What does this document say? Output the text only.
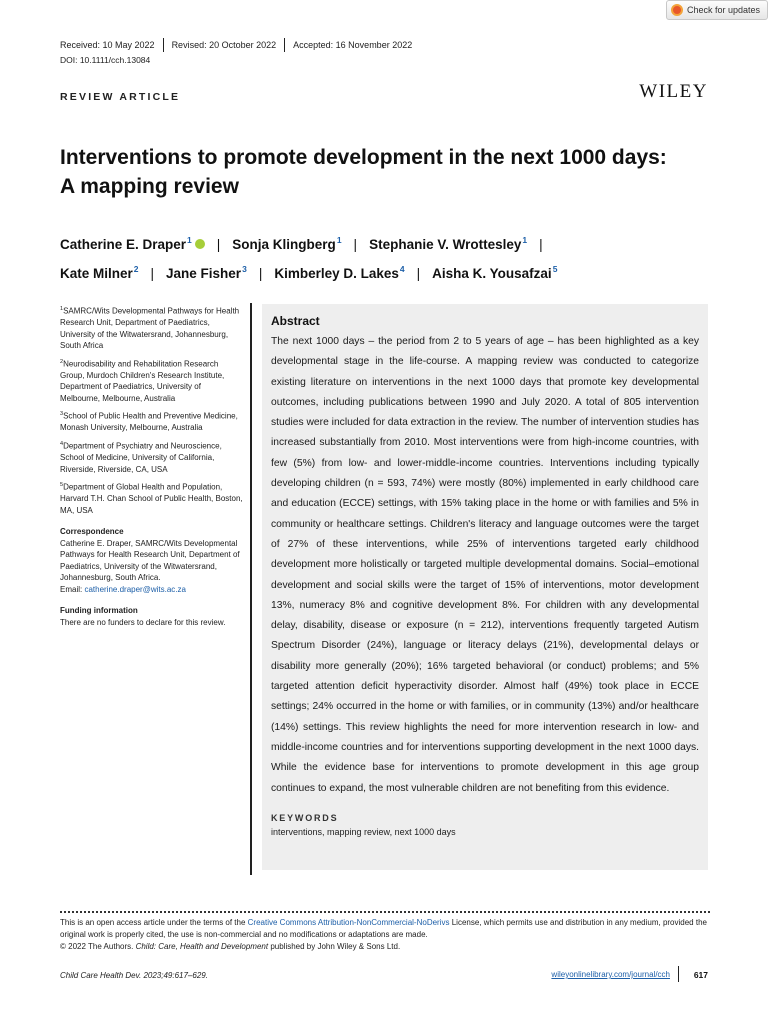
Check for updates
Received: 10 May 2022	Revised: 20 October 2022	Accepted: 16 November 2022
DOI: 10.1111/cch.13084
REVIEW ARTICLE	WILEY
Interventions to promote development in the next 1000 days:
A mapping review
Catherine E. Draper$^1$ | Sonja Klingberg$^1$ | Stephanie V. Wrottesley$^1$ |
Kate Milner$^2$ | Jane Fisher$^3$ | Kimberley D. Lakes$^4$ | Aisha K. Yousafzai$^5$

$^1$SAMRC/Wits Developmental Pathways for Health Research Unit, Department of Paediatrics, University of the Witwatersrand, Johannesburg, South Africa

$^2$Neurodisability and Rehabilitation Research Group, Murdoch Children's Research Institute, Department of Paediatrics, University of Melbourne, Melbourne, Australia

$^3$School of Public Health and Preventive Medicine, Monash University, Melbourne, Australia

$^4$Department of Psychiatry and Neuroscience, School of Medicine, University of California, Riverside, Riverside, CA, USA

$^5$Department of Global Health and Population, Harvard T.H. Chan School of Public Health, Boston, MA, USA

Correspondence

Catherine E. Draper, SAMRC/Wits Developmental Pathways for Health Research Unit, Department of Paediatrics, University of the Witwatersrand, Johannesburg, South Africa.

Email: catherine.draper@wits.ac.za

Funding information

There are no funders to declare for this review.

Abstract

The next 1000 days – the period from 2 to 5 years of age – has been highlighted as a key developmental stage in the life-course. A mapping review was conducted to categorize existing literature on interventions in the next 1000 days that promote key developmental outcomes, including publications between 1990 and July 2020. A total of 805 intervention studies were included for data extraction in the review. The number of intervention studies has increased substantially from 2010. Most interventions were from high-income countries, with few (5%) from low- and lower-middle-income countries. Interventions including typically developing children (n = 593, 74%) were mostly (80%) implemented in early childhood care and education (ECCE) settings, with 15% taking place in the home or with families and 5% in community or healthcare settings. Children's literacy and language outcomes were the target of 27% of these interventions, while 25% of interventions targeted early childhood development more holistically or targeted multiple developmental domains. Social–emotional development and social skills were the target of 15% of interventions, motor development 13%, numeracy 8% and cognitive development 8%. For children with any developmental delay, disability, disease or exposure (n = 212), interventions frequently targeted Autism Spectrum Disorder (24%), language or literacy delays (21%), developmental delays or disability more generally (20%); 16% targeted behavioral (or conduct) problems; and 5% targeted attention deficit hyperactivity disorder. Almost half (49%) took place in ECCE settings; 24% occurred in the home or with families, or in community (13%) and/or healthcare (14%) settings. This review highlights the need for more intervention research in low- and middle-income countries and for interventions supporting development in the next 1000 days. While the evidence base for interventions to promote development in this age group continues to expand, the most vulnerable children are not benefiting from this evidence.

KEYWORDS

interventions, mapping review, next 1000 days

This is an open access article under the terms of the Creative Commons Attribution-NonCommercial-NoDerivs License, which permits use and distribution in any medium, provided the original work is properly cited, the use is non-commercial and no modifications or adaptations are made.
© 2022 The Authors. Child: Care, Health and Development published by John Wiley & Sons Ltd.
Child Care Health Dev. 2023;49:617–629.	wileyonlinelibrary.com/journal/cch	617
